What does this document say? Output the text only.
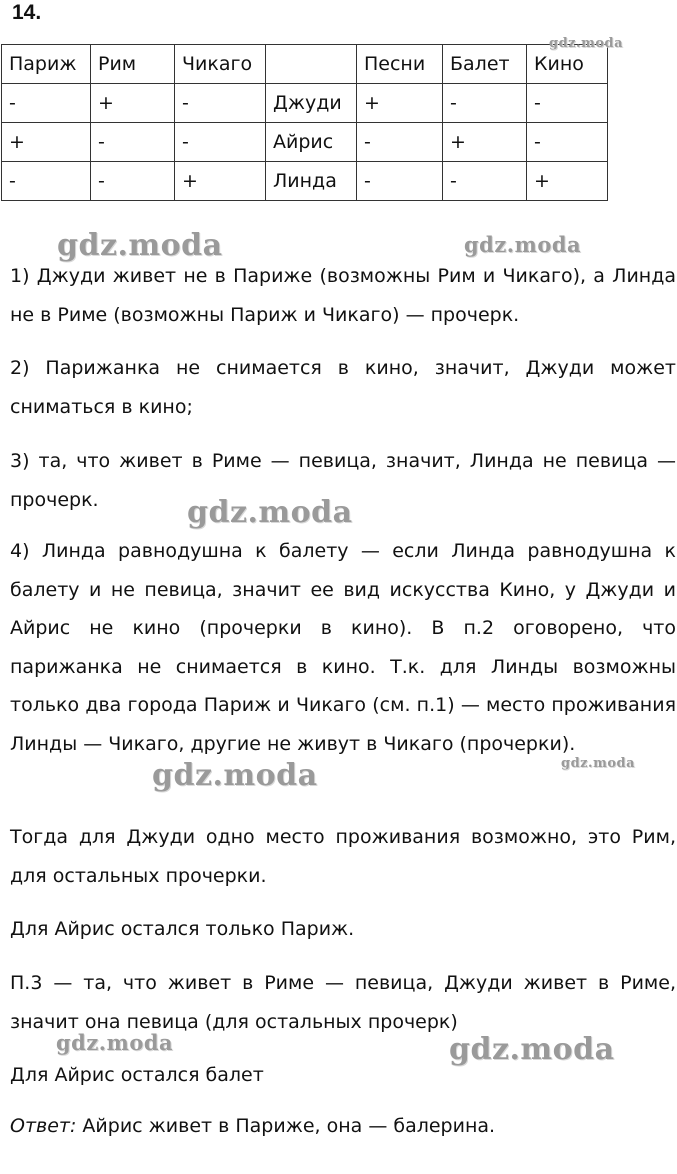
14.
Париж	Рим	Чикаго		Песни	Балет	Кино
-	+	-	Джуди	+	-	-
+	-	-	Айрис	-	+	-
-	-	+	Линда	-	-	+

1) Джуди живет не в Париже (возможны Рим и Чикаго), а Линда не в Риме (возможны Париж и Чикаго) — прочерк.

2) Парижанка не снимается в кино, значит, Джуди может сниматься в кино;

3) та, что живет в Риме — певица, значит, Линда не певица — прочерк.

4) Линда равнодушна к балету — если Линда равнодушна к балету и не певица, значит ее вид искусства Кино, у Джуди и Айрис не кино (прочерки в кино). В п.2 оговорено, что парижанка не снимается в кино. Т.к. для Линды возможны только два города Париж и Чикаго (см. п.1) — место проживания Линды — Чикаго, другие не живут в Чикаго (прочерки).

Тогда для Джуди одно место проживания возможно, это Рим, для остальных прочерки.

Для Айрис остался только Париж.

П.3 — та, что живет в Риме — певица, Джуди живет в Риме, значит она певица (для остальных прочерк)

Для Айрис остался балет

Ответ: Айрис живет в Париже, она — балерина.

gdz.moda
gdz.moda	gdz.moda
gdz.moda
gdz.moda
gdz.moda
gdz.moda	gdz.moda
